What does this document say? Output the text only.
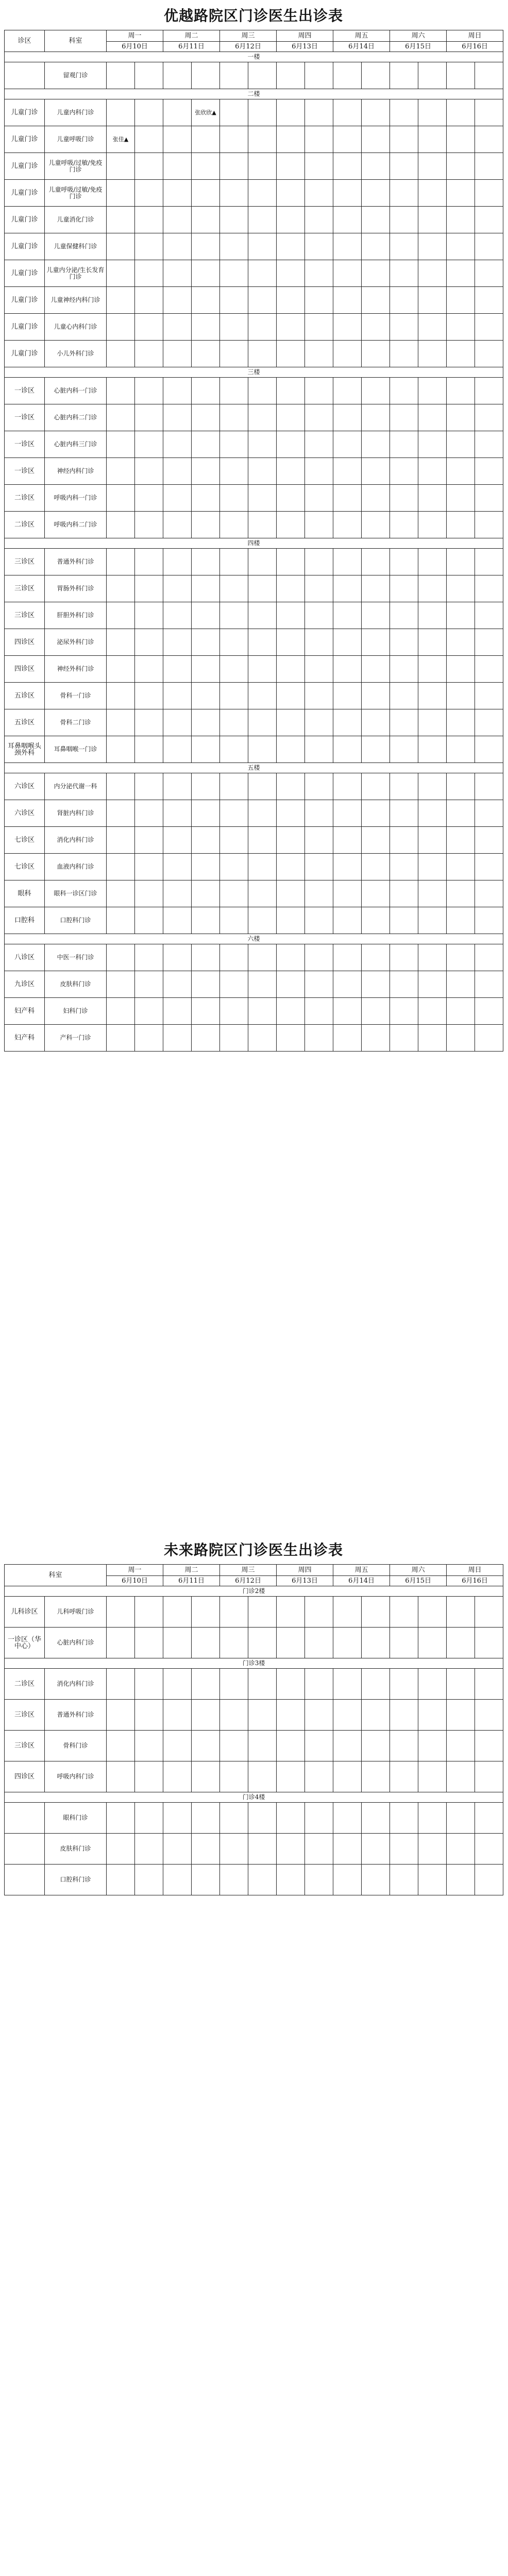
优越路院区门诊医生出诊表
诊区	科室	周一		周二		周三		周四		周五		周六		周日	
		6月10日		6月11日		6月12日		6月13日		6月14日		6月15日		6月16日	
一楼															
	留观门诊														
二楼															
儿童门诊	儿童内科门诊				张欣欣▲										
儿童门诊	儿童呼吸门诊	张佳▲													
儿童门诊	儿童呼吸/过敏/免疫门诊														
儿童门诊	儿童呼吸/过敏/免疫门诊														
儿童门诊	儿童消化门诊														
儿童门诊	儿童保健科门诊														
儿童门诊	儿童内分泌/生长发育门诊														
儿童门诊	儿童神经内科门诊														
儿童门诊	儿童心内科门诊														
儿童门诊	小儿外科门诊														
三楼															
一诊区	心脏内科一门诊														
一诊区	心脏内科二门诊														
一诊区	心脏内科三门诊														
一诊区	神经内科门诊														
二诊区	呼吸内科一门诊														
二诊区	呼吸内科二门诊														
四楼															
三诊区	普通外科门诊														
三诊区	胃肠外科门诊														
三诊区	肝胆外科门诊														
四诊区	泌尿外科门诊														
四诊区	神经外科门诊														
五诊区	骨科一门诊														
五诊区	骨科二门诊														
耳鼻咽喉头颈外科	耳鼻咽喉一门诊														
五楼															
六诊区	内分泌代谢一科														
六诊区	肾脏内科门诊														
七诊区	消化内科门诊														
七诊区	血液内科门诊														
眼科	眼科一诊区门诊														
口腔科	口腔科门诊														
六楼															
八诊区	中医一科门诊														
九诊区	皮肤科门诊														
妇产科	妇科门诊														
妇产科	产科一门诊														
未来路院区门诊医生出诊表
科室		周一		周二		周三		周四		周五		周六		周日	
		6月10日		6月11日		6月12日		6月13日		6月14日		6月15日		6月16日	
门诊2楼															
儿科诊区	儿科呼吸门诊														
一诊区（华中心）	心脏内科门诊														
门诊3楼															
二诊区	消化内科门诊														
三诊区	普通外科门诊														
三诊区	骨科门诊														
四诊区	呼吸内科门诊														
门诊4楼															
	眼科门诊														
	皮肤科门诊														
	口腔科门诊														
